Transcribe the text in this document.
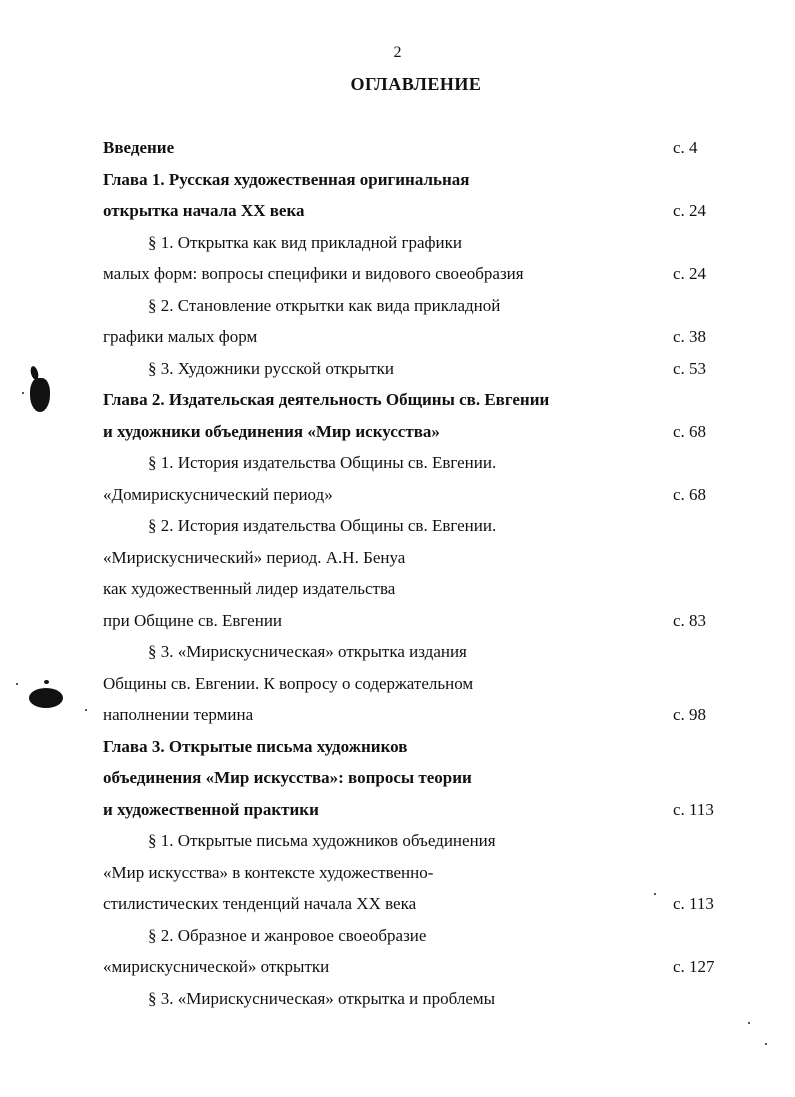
2
ОГЛАВЛЕНИЕ
Введение	с. 4
Глава 1. Русская художественная оригинальная
открытка начала XX века	с. 24
§ 1. Открытка как вид прикладной графики
малых форм: вопросы специфики и видового своеобразия	с. 24
§ 2. Становление открытки как вида прикладной
графики малых форм	с. 38
§ 3. Художники русской открытки	с. 53
Глава 2. Издательская деятельность Общины св. Евгении
и художники объединения «Мир искусства»	с. 68
§ 1. История издательства Общины св. Евгении.
«Домирискуснический период»	с. 68
§ 2. История издательства Общины св. Евгении.
«Мирискуснический» период. А.Н. Бенуа
как художественный лидер издательства
при Общине св. Евгении	с. 83
§ 3. «Мирискусническая» открытка издания
Общины св. Евгении. К вопросу о содержательном
наполнении термина	с. 98
Глава 3. Открытые письма художников
объединения «Мир искусства»: вопросы теории
и художественной практики	с. 113
§ 1. Открытые письма художников объединения
«Мир искусства» в контексте художественно-
стилистических тенденций начала XX века	с. 113
§ 2. Образное и жанровое своеобразие
«мирискуснической» открытки	с. 127
§ 3. «Мирискусническая» открытка и проблемы
